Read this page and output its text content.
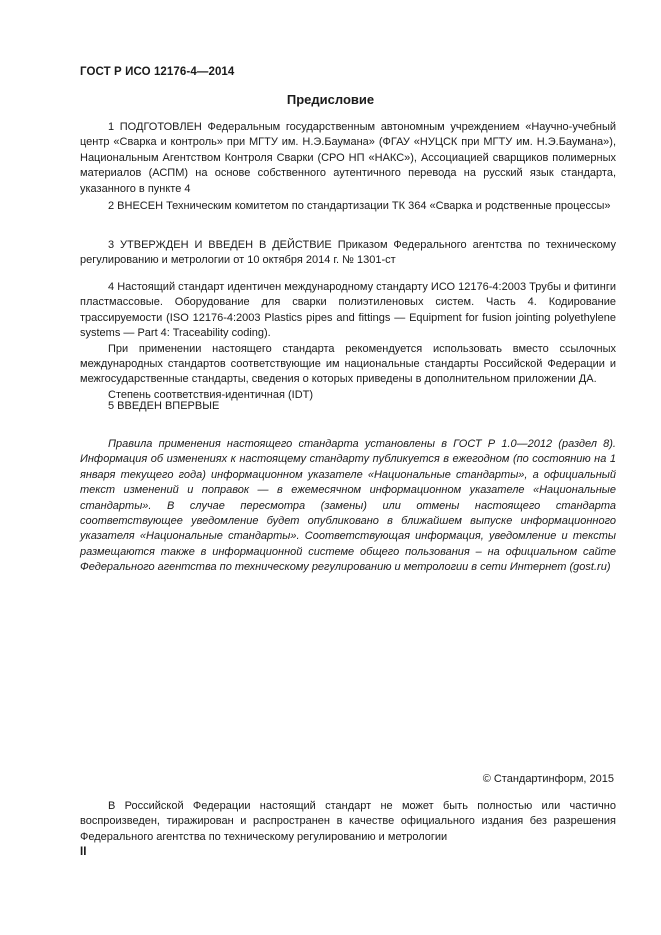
ГОСТ Р ИСО 12176-4—2014
Предисловие

1 ПОДГОТОВЛЕН Федеральным государственным автономным учреждением «Научно-учебный центр «Сварка и контроль» при МГТУ им. Н.Э.Баумана» (ФГАУ «НУЦСК при МГТУ им. Н.Э.Баумана»), Национальным Агентством Контроля Сварки (СРО НП «НАКС»), Ассоциацией сварщиков полимерных материалов (АСПМ) на основе собственного аутентичного перевода на русский язык стандарта, указанного в пункте 4

2 ВНЕСЕН Техническим комитетом по стандартизации ТК 364 «Сварка и родственные процессы»

3 УТВЕРЖДЕН И ВВЕДЕН В ДЕЙСТВИЕ Приказом Федерального агентства по техническому регулированию и метрологии от 10 октября 2014 г. № 1301-ст

4 Настоящий стандарт идентичен международному стандарту ИСО 12176-4:2003 Трубы и фитинги пластмассовые. Оборудование для сварки полиэтиленовых систем. Часть 4. Кодирование трассируемости (ISO 12176-4:2003 Plastics pipes and fittings — Equipment for fusion jointing polyethylene systems — Part 4: Traceability coding).

При применении настоящего стандарта рекомендуется использовать вместо ссылочных международных стандартов соответствующие им национальные стандарты Российской Федерации и межгосударственные стандарты, сведения о которых приведены в дополнительном приложении ДА.

Степень соответствия-идентичная (IDT)

5 ВВЕДЕН ВПЕРВЫЕ

Правила применения настоящего стандарта установлены в ГОСТ Р 1.0—2012 (раздел 8). Информация об изменениях к настоящему стандарту публикуется в ежегодном (по состоянию на 1 января текущего года) информационном указателе «Национальные стандарты», а официальный текст изменений и поправок — в ежемесячном информационном указателе «Национальные стандарты». В случае пересмотра (замены) или отмены настоящего стандарта соответствующее уведомление будет опубликовано в ближайшем выпуске информационного указателя «Национальные стандарты». Соответствующая информация, уведомление и тексты размещаются также в информационной системе общего пользования – на официальном сайте Федерального агентства по техническому регулированию и метрологии в сети Интернет (gost.ru)

© Стандартинформ, 2015

В Российской Федерации настоящий стандарт не может быть полностью или частично воспроизведен, тиражирован и распространен в качестве официального издания без разрешения Федерального агентства по техническому регулированию и метрологии

II
